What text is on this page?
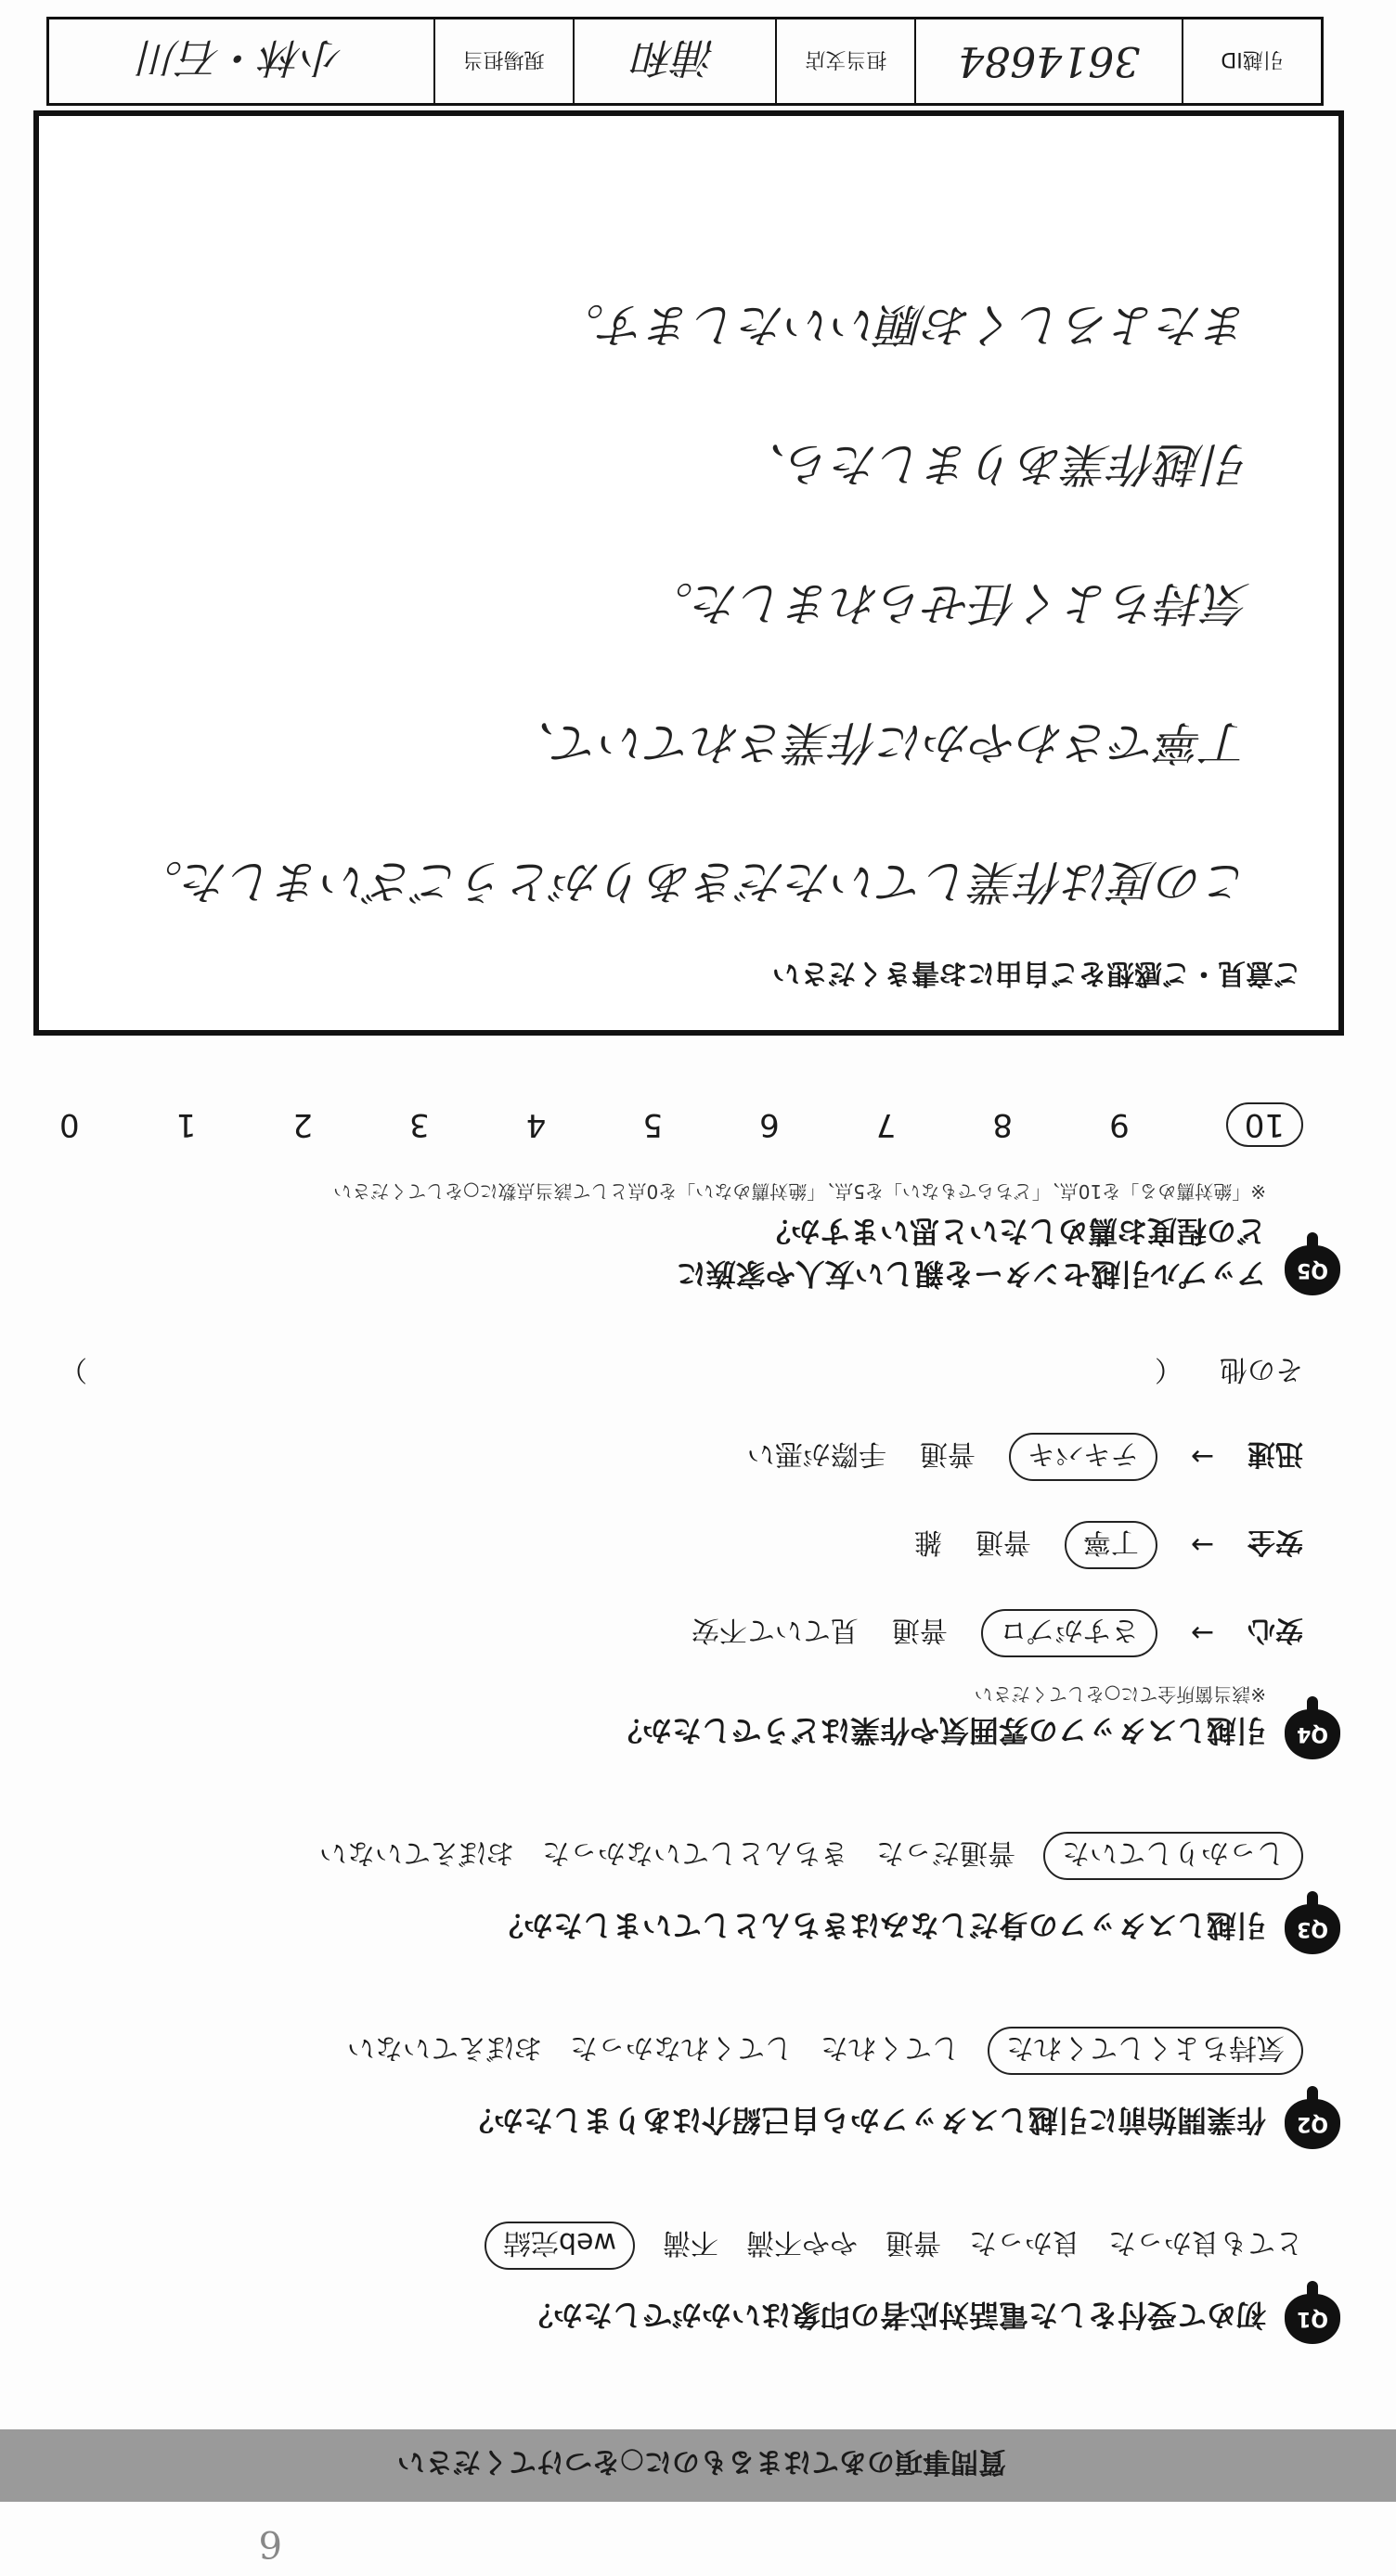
引越ID
3614684
担当支店
浦和
現場担当
小林・石川
ご意見・ご感想をご自由にお書きください
この度は作業していただきありがとうございました。
丁寧でさわやかに作業されていて、
気持ちよく任せられました。
引越作業ありましたら、
またよろしくお願いいたします。
Q5
アップル引越センターを親しい友人や家族に
どの程度お薦めしたいと思いますか？
※「絶対薦める」を10点、「どちらでもない」を5点、「絶対薦めない」を0点として該当点数に○をしてください
10
9
8
7
6
5
4
3
2
1
0
Q4
引越しスタッフの雰囲気や作業はどうでしたか？
※該当箇所全てに○をしてください
安心
→
さすがプロ
普通
見ていて不安
安全
→
丁寧
普通
雑
迅速
→
テキパキ
普通
手際が悪い
その他
（
）
Q3
引越しスタッフの身だしなみはきちんとしていましたか？
しっかりしていた
普通だった
きちんとしていなかった
おぼえていない
Q2
作業開始前に引越しスタッフから自己紹介はありましたか？
気持ちよくしてくれた
してくれた
してくれなかった
おぼえていない
Q1
初めて受付をした電話対応者の印象はいかがでしたか？
とても良かった
良かった
普通
やや不満
不満
web完結
質問事項のあてはまるものに○をつけてください
6
